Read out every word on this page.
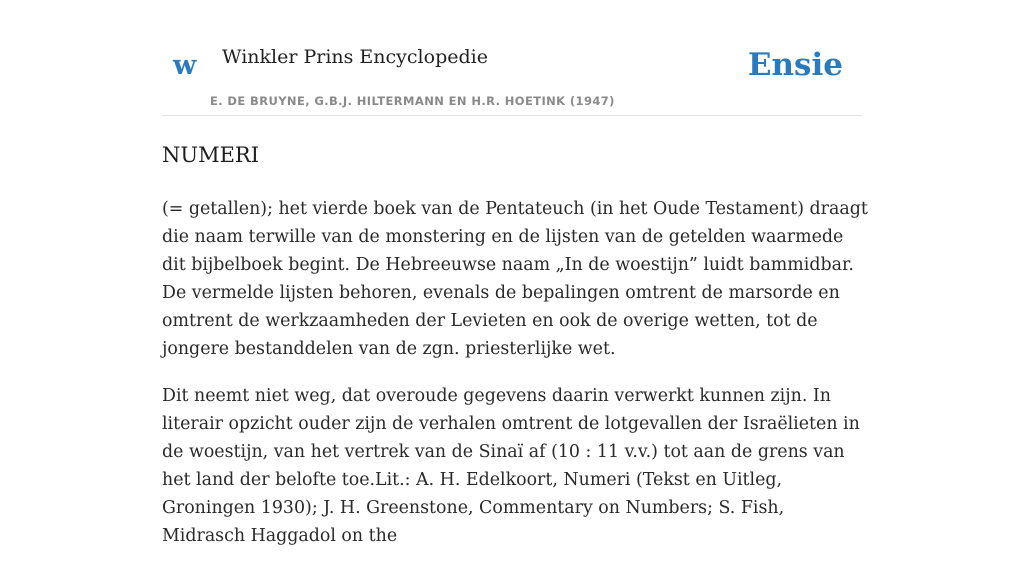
w Winkler Prins Encyclopedie
E. DE BRUYNE, G.B.J. HILTERMANN EN H.R. HOETINK (1947)
Ensie
NUMERI

(= getallen); het vierde boek van de Pentateuch (in het Oude Testament) draagt die naam terwille van de monstering en de lijsten van de getelden waarmede dit bijbelboek begint. De Hebreeuwse naam „In de woestijn” luidt bammidbar. De vermelde lijsten behoren, evenals de bepalingen omtrent de marsorde en omtrent de werkzaamheden der Levieten en ook de overige wetten, tot de jongere bestanddelen van de zgn. priesterlijke wet.

Dit neemt niet weg, dat overoude gegevens daarin verwerkt kunnen zijn. In literair opzicht ouder zijn de verhalen omtrent de lotgevallen der Israëlieten in de woestijn, van het vertrek van de Sinaï af (10 : 11 v.v.) tot aan de grens van het land der belofte toe.Lit.: A. H. Edelkoort, Numeri (Tekst en Uitleg, Groningen 1930); J. H. Greenstone, Commentary on Numbers; S. Fish, Midrasch Haggadol on the
